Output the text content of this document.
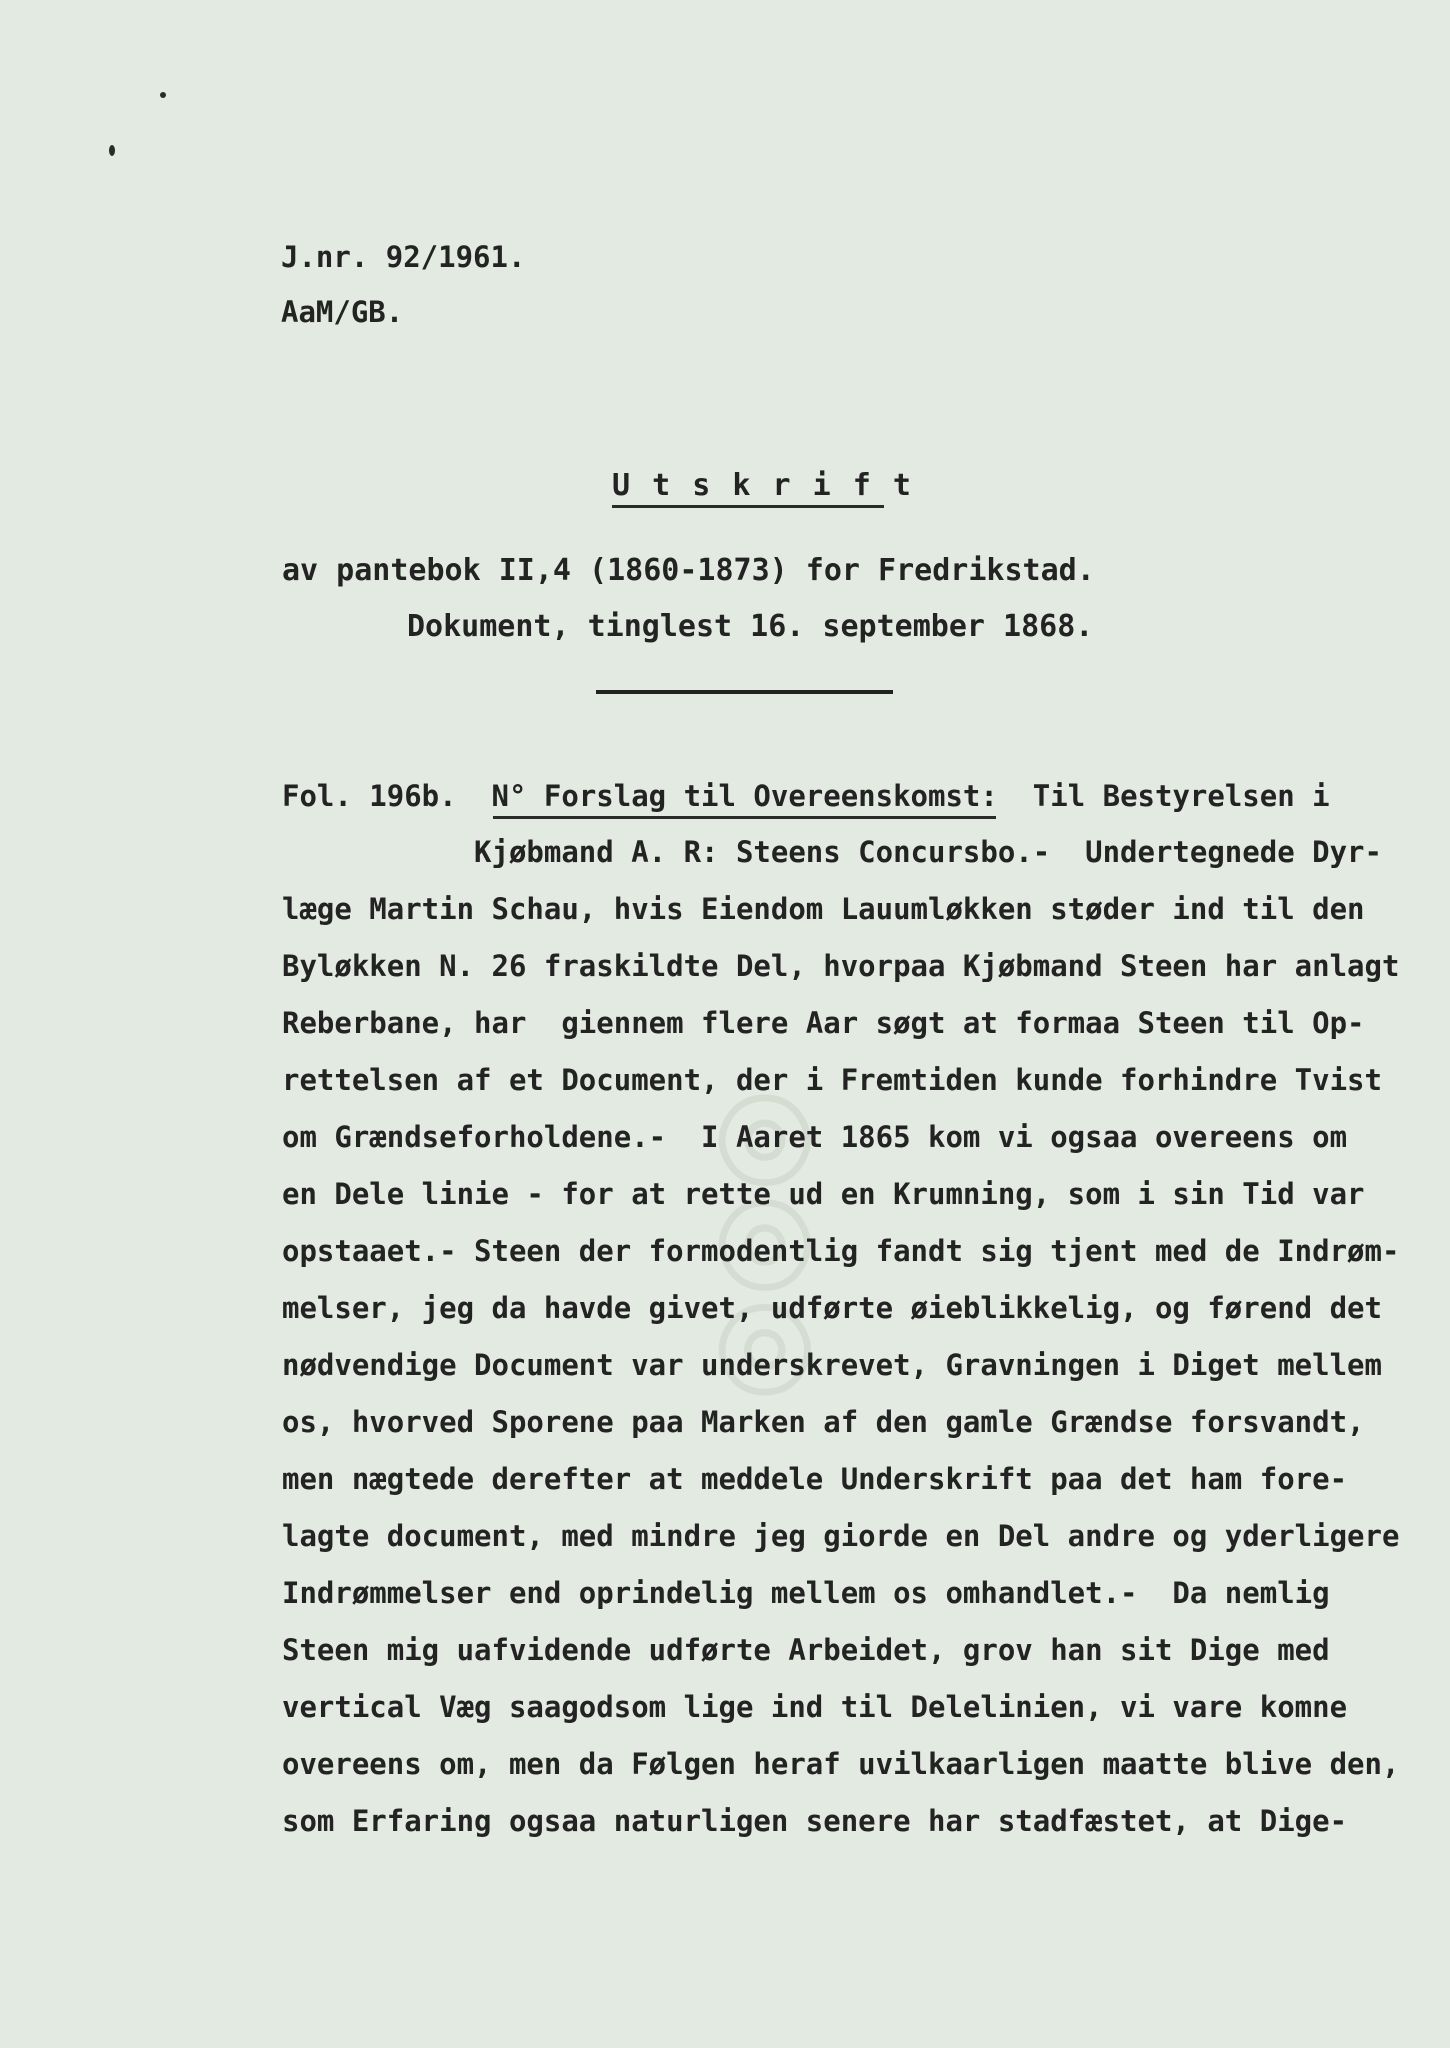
◎◎◎
J.nr. 92/1961.
AaM/GB.
U t s k r i f t
av pantebok II,4 (1860-1873) for Fredrikstad.
Dokument, tinglest 16. september 1868.
Fol. 196b. N° Forslag til Overeenskomst: Til Bestyrelsen i
Kjøbmand A. R: Steens Concursbo.-  Undertegnede Dyr-
læge Martin Schau, hvis Eiendom Lauumløkken støder ind til den
Byløkken N. 26 fraskildte Del, hvorpaa Kjøbmand Steen har anlagt
Reberbane, har  giennem flere Aar søgt at formaa Steen til Op-
rettelsen af et Document, der i Fremtiden kunde forhindre Tvist
om Grændseforholdene.-  I Aaret 1865 kom vi ogsaa overeens om
en Dele linie - for at rette ud en Krumning, som i sin Tid var
opstaaet.- Steen der formodentlig fandt sig tjent med de Indrøm-
melser, jeg da havde givet, udførte øieblikkelig, og førend det
nødvendige Document var underskrevet, Gravningen i Diget mellem
os, hvorved Sporene paa Marken af den gamle Grændse forsvandt,
men nægtede derefter at meddele Underskrift paa det ham fore-
lagte document, med mindre jeg giorde en Del andre og yderligere
Indrømmelser end oprindelig mellem os omhandlet.-  Da nemlig
Steen mig uafvidende udførte Arbeidet, grov han sit Dige med
vertical Væg saagodsom lige ind til Delelinien, vi vare komne
overeens om, men da Følgen heraf uvilkaarligen maatte blive den,
som Erfaring ogsaa naturligen senere har stadfæstet, at Dige-
